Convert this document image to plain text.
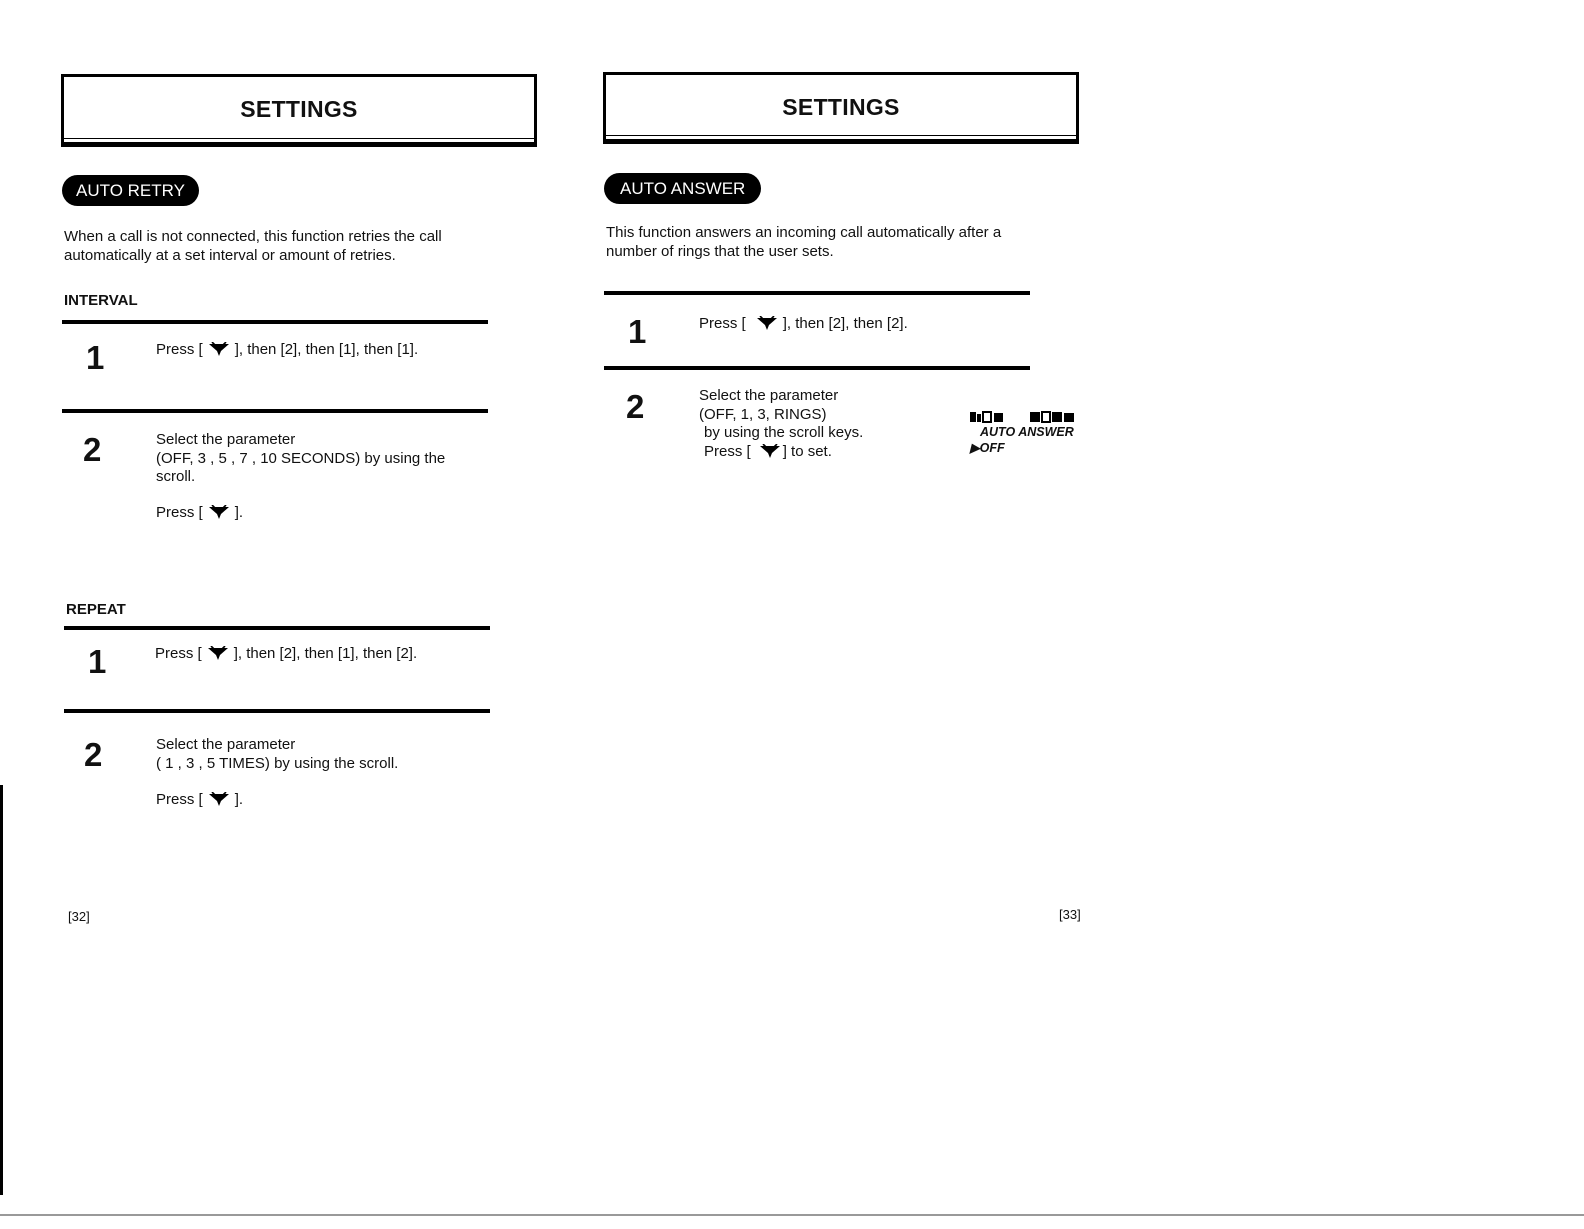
SETTINGS
AUTO RETRY
When a call is not connected, this function retries the call
automatically at a set interval or amount of retries.
INTERVAL
1	Press [ ], then [2], then [1], then [1].
2	Select the parameter
(OFF, 3 , 5 , 7 , 10 SECONDS) by using the
scroll.
Press [ ].
REPEAT
1	Press [ ], then [2], then [1], then [2].
2	Select the parameter
( 1 , 3 , 5 TIMES) by using the scroll.
Press [ ].
[32]
SETTINGS
AUTO ANSWER
This function answers an incoming call automatically after a
number of rings that the user sets.
1	Press [ ], then [2], then [2].
2	Select the parameter
(OFF, 1, 3, RINGS)
by using the scroll keys.
Press [ ] to set.
AUTO ANSWER
▶OFF
[33]
